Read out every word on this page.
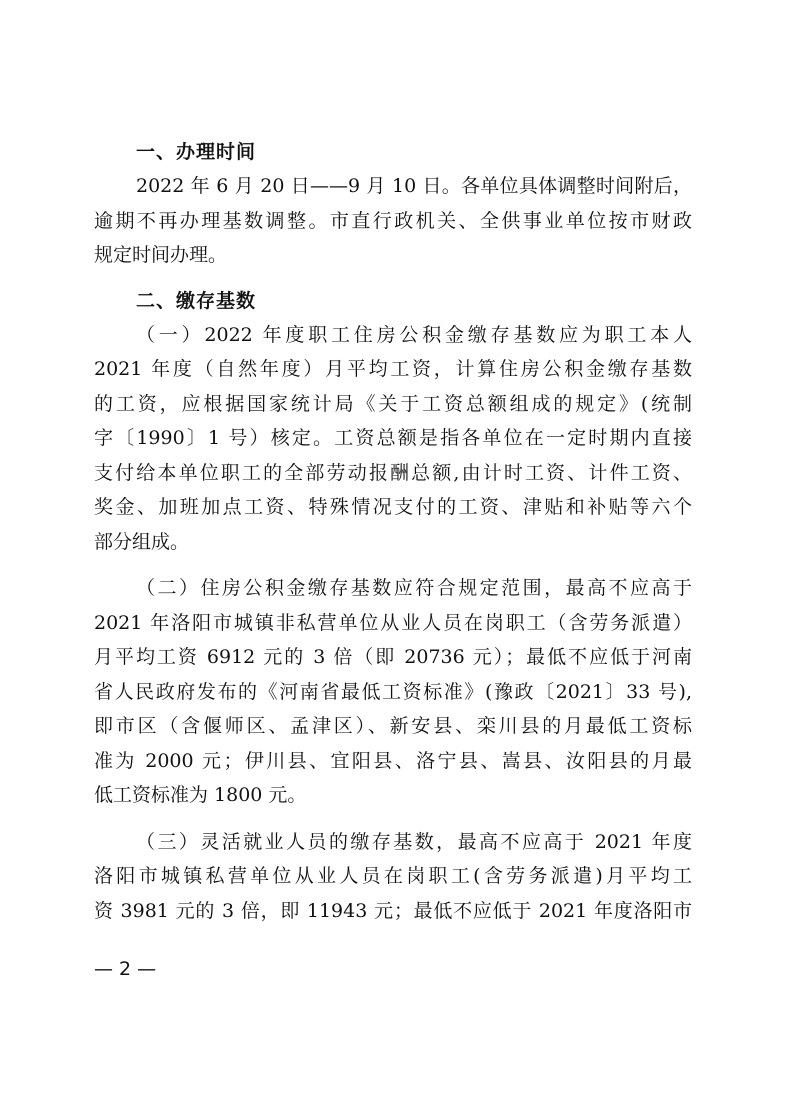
一、办理时间

2022 年 6 月 20 日——9 月 10 日。各单位具体调整时间附后，
逾期不再办理基数调整。市直行政机关、全供事业单位按市财政
规定时间办理。

二、缴存基数

（一）2022 年度职工住房公积金缴存基数应为职工本人
2021 年度（自然年度）月平均工资，计算住房公积金缴存基数
的工资，应根据国家统计局《关于工资总额组成的规定》(统制
字〔1990〕1 号）核定。工资总额是指各单位在一定时期内直接
支付给本单位职工的全部劳动报酬总额,由计时工资、计件工资、
奖金、加班加点工资、特殊情况支付的工资、津贴和补贴等六个
部分组成。

（二）住房公积金缴存基数应符合规定范围，最高不应高于
2021 年洛阳市城镇非私营单位从业人员在岗职工（含劳务派遣）
月平均工资 6912 元的 3 倍（即 20736 元）；最低不应低于河南
省人民政府发布的《河南省最低工资标准》(豫政〔2021〕33 号),
即市区（含偃师区、孟津区）、新安县、栾川县的月最低工资标
准为 2000 元；伊川县、宜阳县、洛宁县、嵩县、汝阳县的月最
低工资标准为 1800 元。

（三）灵活就业人员的缴存基数，最高不应高于 2021 年度
洛阳市城镇私营单位从业人员在岗职工(含劳务派遣)月平均工
资 3981 元的 3 倍，即 11943 元；最低不应低于 2021 年度洛阳市

— 2 —
